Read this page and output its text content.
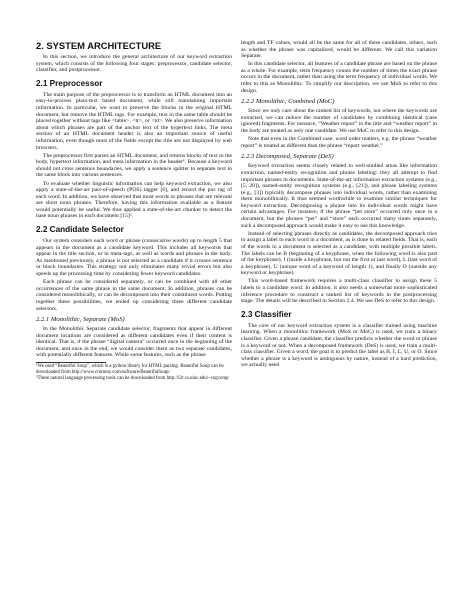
2. SYSTEM ARCHITECTURE

In this section, we introduce the general architecture of our keyword extraction system, which consists of the following four stages: preprocessor, candidate selector, classifier, and postprocessor.

2.1 Preprocessor

The main purpose of the preprocessor is to transform an HTML document into an easy-to-process plain-text based document, while still maintaining important information. In particular, we want to preserve the blocks in the original HTML document, but remove the HTML tags. For example, text in the same table should be placed together without tags like <table>, <tr>, or <td>. We also preserve information about which phrases are part of the anchor text of the hypertext links. The meta section of an HTML document header is also an important source of useful information, even though most of the fields except the title are not displayed by web browsers.

The preprocessor first parses an HTML document, and returns blocks of text in the body, hypertext information, and meta information in the header¹. Because a keyword should not cross sentence boundaries, we apply a sentence splitter to separate text in the same block into various sentences.

To evaluate whether linguistic information can help keyword extraction, we also apply a state-of-the-art part-of-speech (POS) tagger [6], and record the pos tag of each word. In addition, we have observed that most words or phrases that are relevant are short noun phrases. Therefore, having this information available as a feature would potentially be useful. We thus applied a state-of-the-art chunker to detect the base noun phrases in each document [15]².

2.2 Candidate Selector

Our system considers each word or phrase (consecutive words) up to length 5 that appears in the document as a candidate keyword. This includes all keywords that appear in the title section, or in meta-tags, as well as words and phrases in the body. As mentioned previously, a phrase is not selected as a candidate if it crosses sentence or block boundaries. This strategy not only eliminates many trivial errors but also speeds up the processing time by considering fewer keyword candidates.

Each phrase can be considered separately, or can be combined with all other occurrences of the same phrase in the same document. In addition, phrases can be considered monolithically, or can be decomposed into their constituent words. Putting together these possibilities, we ended up considering three different candidate selectors.

2.2.1 Monolithic, Separate (MoS)

In the Monolithic Separate candidate selector, fragments that appear in different document locations are considered as different candidates even if their content is identical. That is, if the phrase “digital camera” occurred once in the beginning of the document, and once in the end, we would consider them as two separate candidates, with potentially different features. While some features, such as the phrase

¹We used “Beautiful Soup”, which is a python library for HTML parsing. Beautiful Soup can be downloaded from http://www.crummy.com/software/BeautifulSoup/

²These natural language processing tools can be downloaded from http://l2r.cs.uiuc.edu/~cogcomp

length and TF values, would all be the same for all of these candidates, others, such as whether the phrase was capitalized, would be different. We call this variation Separate.

In this candidate selector, all features of a candidate phrase are based on the phrase as a whole. For example, term frequency counts the number of times the exact phrase occurs in the document, rather than using the term frequency of individual words. We refer to this as Monolithic. To simplify our description, we use MoS to refer to this design.

2.2.2 Monolithic, Combined (MoC)

Since we only care about the ranked list of keywords, not where the keywords are extracted, we can reduce the number of candidates by combining identical (case ignored) fragments. For instance, “Weather report” in the title and “weather report” in the body are treated as only one candidate. We use MoC to refer to this design.

Note that even in the Combined case, word order matters, e.g. the phrase “weather report” is treated as different than the phrase “report weather.”

2.2.3 Decomposed, Separate (DeS)

Keyword extraction seems closely related to well-studied areas like information extraction, named-entity recognition and phrase labeling: they all attempt to find important phrases in documents. State-of-the-art information extraction systems (e.g., [5, 20]), named-entity recognition systems (e.g., [21]), and phrase labeling systems (e.g., [3]) typically decompose phrases into individual words, rather than examining them monolithically. It thus seemed worthwhile to examine similar techniques for keyword extraction. Decomposing a phrase into its individual words might have certain advantages. For instance, if the phrase “pet store” occurred only once in a document, but the phrases “pet” and “store” each occurred many times separately, such a decomposed approach would make it easy to use this knowledge.

Instead of selecting phrases directly as candidates, the decomposed approach tries to assign a label to each word in a document, as is done in related fields. That is, each of the words in a document is selected as a candidate, with multiple possible labels. The labels can be B (beginning of a keyphrase, when the following word is also part of the keyphrase), I (inside a keyphrase, but not the first or last word), L (last word of a keyphrase), U (unique word of a keyword of length 1), and finally O (outside any keyword or keyphrase).

This word-based framework requires a multi-class classifier to assign these 5 labels to a candidate word. In addition, it also needs a somewhat more sophisticated inference procedure to construct a ranked list of keywords in the postprocessing stage. The details will be described in Section 2.4. We use DeS to refer to this design.

2.3 Classifier

The core of our keyword extraction system is a classifier trained using machine learning. When a monolithic framework (MoS or MoC) is used, we train a binary classifier. Given a phrase candidate, the classifier predicts whether the word or phrase is a keyword or not. When a decomposed framework (DeS) is used, we train a multi-class classifier. Given a word, the goal is to predict the label as B, I, L, U, or O. Since whether a phrase is a keyword is ambiguous by nature, instead of a hard prediction, we actually need
